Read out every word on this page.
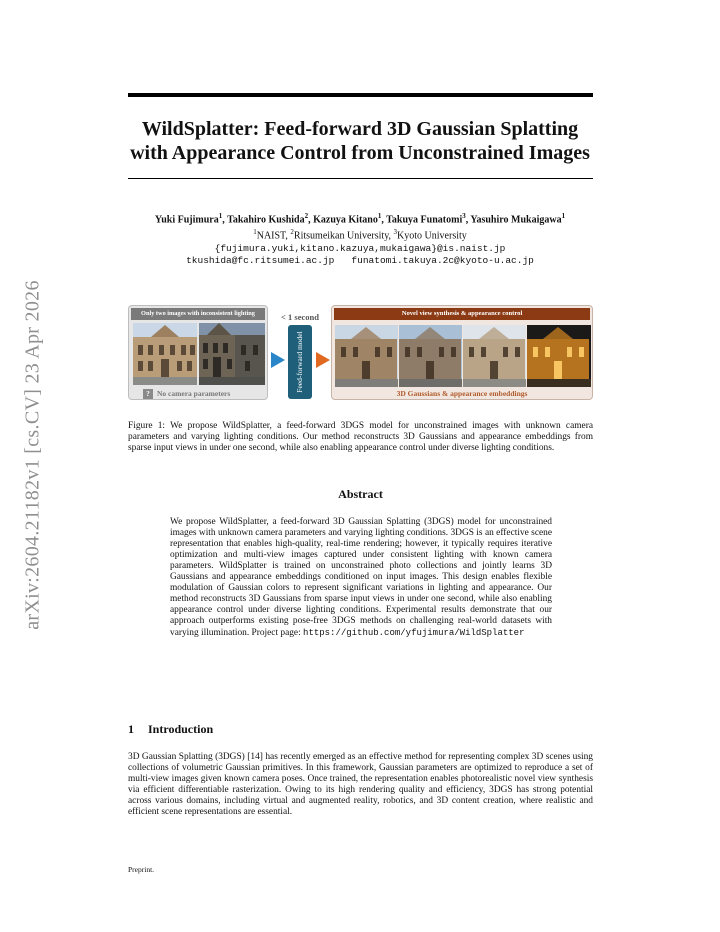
arXiv:2604.21182v1 [cs.CV] 23 Apr 2026
WildSplatter: Feed-forward 3D Gaussian Splatting
with Appearance Control from Unconstrained Images
Yuki Fujimura$^1$, Takahiro Kushida$^2$, Kazuya Kitano$^1$, Takuya Funatomi$^3$, Yasuhiro Mukaigawa$^1$
$^1$NAIST, $^2$Ritsumeikan University, $^3$Kyoto University
{fujimura.yuki,kitano.kazuya,mukaigawa}@is.naist.jp
tkushida@fc.ritsumei.ac.jp   funatomi.takuya.2c@kyoto-u.ac.jp
Only two images with inconsistent lighting
? No camera parameters
< 1 second
Feed-forward model
Novel view synthesis & appearance control
3D Gaussians & appearance embeddings
Figure 1: We propose WildSplatter, a feed-forward 3DGS model for unconstrained images with unknown camera parameters and varying lighting conditions. Our method reconstructs 3D Gaussians and appearance embeddings from sparse input views in under one second, while also enabling appearance control under diverse lighting conditions.
Abstract
We propose WildSplatter, a feed-forward 3D Gaussian Splatting (3DGS) model for unconstrained images with unknown camera parameters and varying lighting conditions. 3DGS is an effective scene representation that enables high-quality, real-time rendering; however, it typically requires iterative optimization and multi-view images captured under consistent lighting with known camera parameters. WildSplatter is trained on unconstrained photo collections and jointly learns 3D Gaussians and appearance embeddings conditioned on input images. This design enables flexible modulation of Gaussian colors to represent significant variations in lighting and appearance. Our method reconstructs 3D Gaussians from sparse input views in under one second, while also enabling appearance control under diverse lighting conditions. Experimental results demonstrate that our approach outperforms existing pose-free 3DGS methods on challenging real-world datasets with varying illumination. Project page: https://github.com/yfujimura/WildSplatter
1 Introduction
3D Gaussian Splatting (3DGS) [14] has recently emerged as an effective method for representing complex 3D scenes using collections of volumetric Gaussian primitives. In this framework, Gaussian parameters are optimized to reproduce a set of multi-view images given known camera poses. Once trained, the representation enables photorealistic novel view synthesis via efficient differentiable rasterization. Owing to its high rendering quality and efficiency, 3DGS has strong potential across various domains, including virtual and augmented reality, robotics, and 3D content creation, where realistic and efficient scene representations are essential.
Preprint.
